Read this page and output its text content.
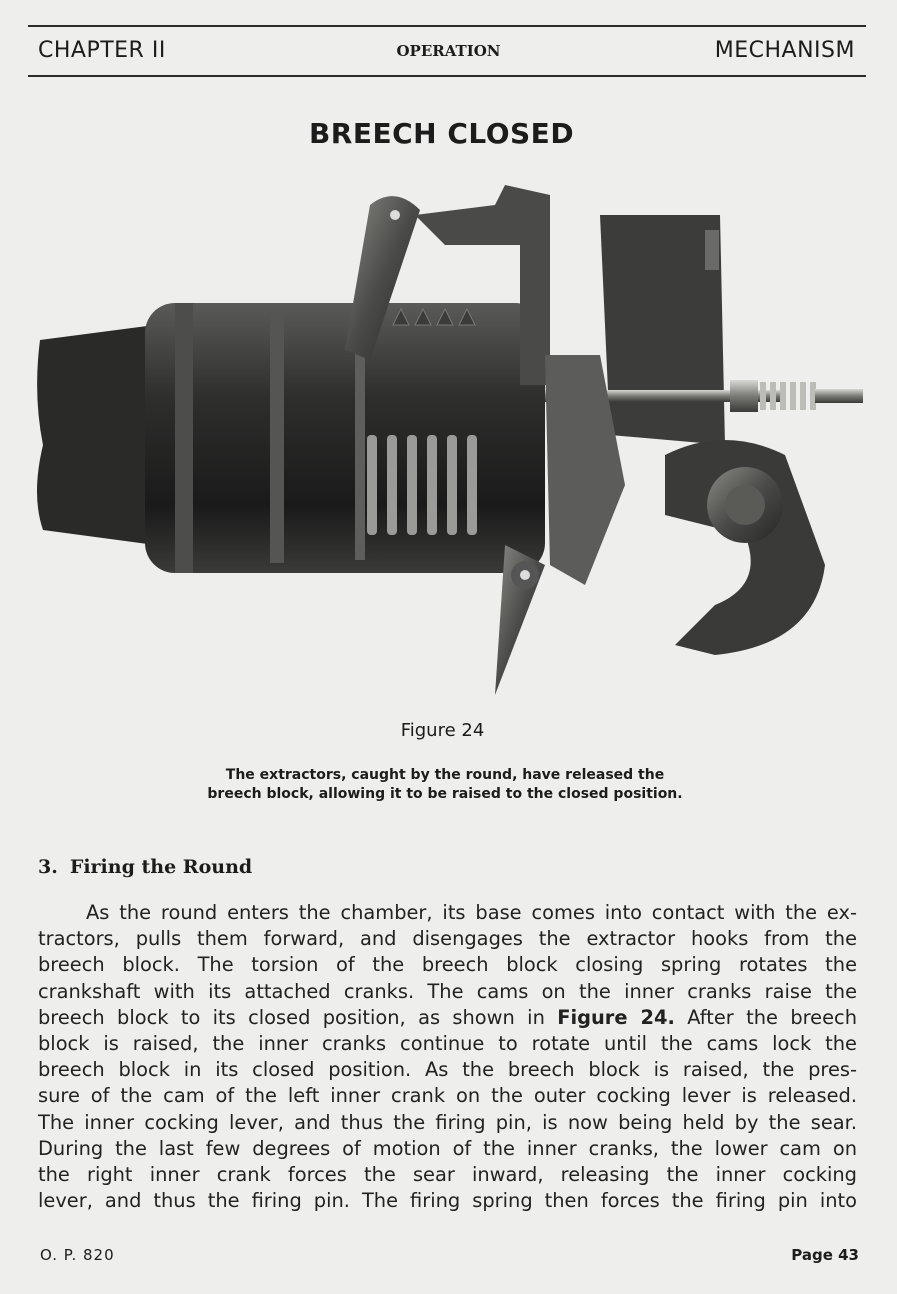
CHAPTER II	OPERATION	MECHANISM
BREECH CLOSED
Figure 24
The extractors, caught by the round, have released the
breech block, allowing it to be raised to the closed position.
3. Firing the Round
As the round enters the chamber, its base comes into contact with the ex-
tractors, pulls them forward, and disengages the extractor hooks from the
breech block. The torsion of the breech block closing spring rotates the
crankshaft with its attached cranks. The cams on the inner cranks raise the
breech block to its closed position, as shown in Figure 24. After the breech
block is raised, the inner cranks continue to rotate until the cams lock the
breech block in its closed position. As the breech block is raised, the pres-
sure of the cam of the left inner crank on the outer cocking lever is released.
The inner cocking lever, and thus the firing pin, is now being held by the sear.
During the last few degrees of motion of the inner cranks, the lower cam on
the right inner crank forces the sear inward, releasing the inner cocking
lever, and thus the firing pin. The firing spring then forces the firing pin into
O. P. 820	Page 43
